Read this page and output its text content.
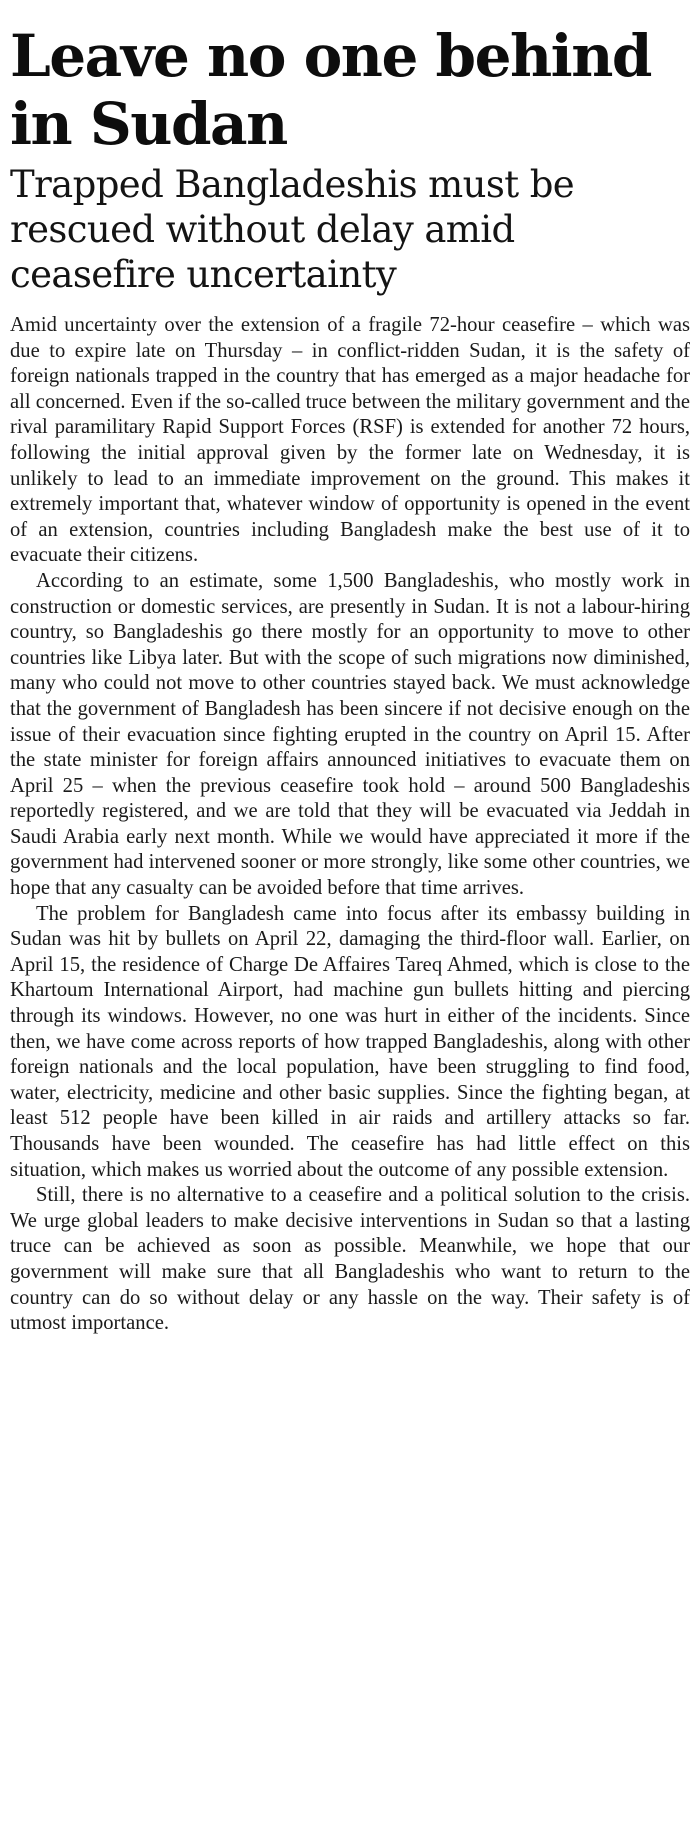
Leave no one behind in Sudan
Trapped Bangladeshis must be rescued without delay amid ceasefire uncertainty

Amid uncertainty over the extension of a fragile 72-hour ceasefire – which was due to expire late on Thursday – in conflict-ridden Sudan, it is the safety of foreign nationals trapped in the country that has emerged as a major headache for all concerned. Even if the so-called truce between the military government and the rival paramilitary Rapid Support Forces (RSF) is extended for another 72 hours, following the initial approval given by the former late on Wednesday, it is unlikely to lead to an immediate improvement on the ground. This makes it extremely important that, whatever window of opportunity is opened in the event of an extension, countries including Bangladesh make the best use of it to evacuate their citizens.

According to an estimate, some 1,500 Bangladeshis, who mostly work in construction or domestic services, are presently in Sudan. It is not a labour-hiring country, so Bangladeshis go there mostly for an opportunity to move to other countries like Libya later. But with the scope of such migrations now diminished, many who could not move to other countries stayed back. We must acknowledge that the government of Bangladesh has been sincere if not decisive enough on the issue of their evacuation since fighting erupted in the country on April 15. After the state minister for foreign affairs announced initiatives to evacuate them on April 25 – when the previous ceasefire took hold – around 500 Bangladeshis reportedly registered, and we are told that they will be evacuated via Jeddah in Saudi Arabia early next month. While we would have appreciated it more if the government had intervened sooner or more strongly, like some other countries, we hope that any casualty can be avoided before that time arrives.

The problem for Bangladesh came into focus after its embassy building in Sudan was hit by bullets on April 22, damaging the third-floor wall. Earlier, on April 15, the residence of Charge De Affaires Tareq Ahmed, which is close to the Khartoum International Airport, had machine gun bullets hitting and piercing through its windows. However, no one was hurt in either of the incidents. Since then, we have come across reports of how trapped Bangladeshis, along with other foreign nationals and the local population, have been struggling to find food, water, electricity, medicine and other basic supplies. Since the fighting began, at least 512 people have been killed in air raids and artillery attacks so far. Thousands have been wounded. The ceasefire has had little effect on this situation, which makes us worried about the outcome of any possible extension.

Still, there is no alternative to a ceasefire and a political solution to the crisis. We urge global leaders to make decisive interventions in Sudan so that a lasting truce can be achieved as soon as possible. Meanwhile, we hope that our government will make sure that all Bangladeshis who want to return to the country can do so without delay or any hassle on the way. Their safety is of utmost importance.
